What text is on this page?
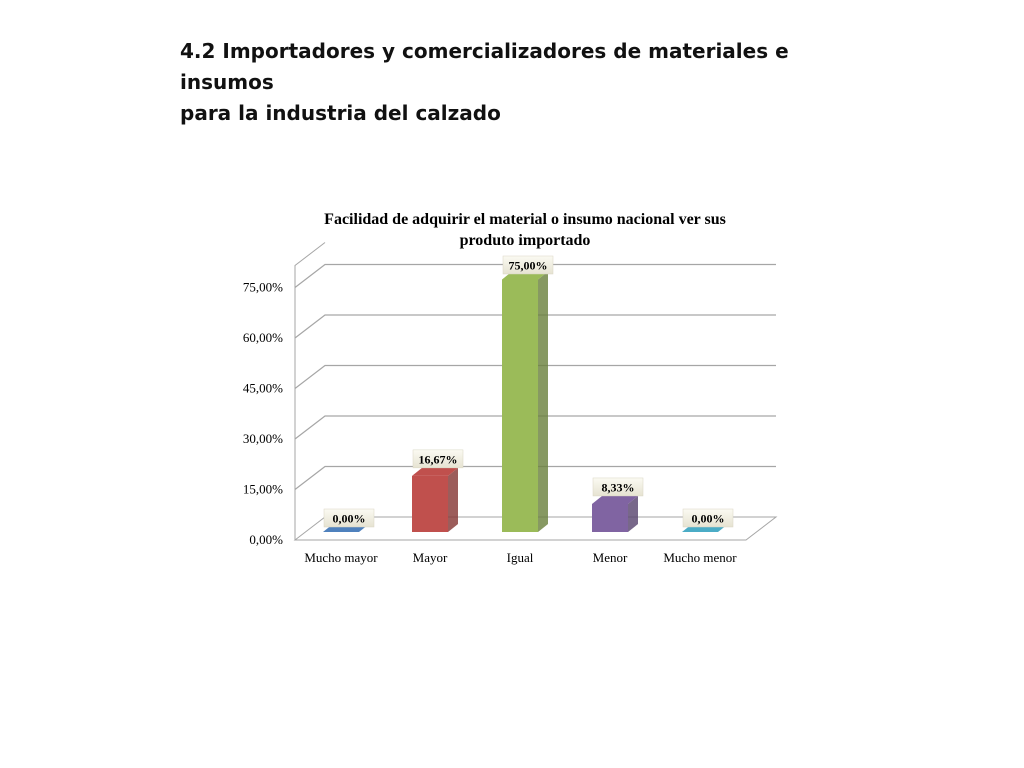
4.2 Importadores y comercializadores de materiales e insumos
para la industria del calzado
0,00%
15,00%
30,00%
45,00%
60,00%
75,00%
0,00%
16,67%
75,00%
8,33%
0,00%
Mucho mayor	Mayor	Igual	Menor	Mucho menor
Facilidad de adquirir el material o insumo nacional ver sus
produto importado
